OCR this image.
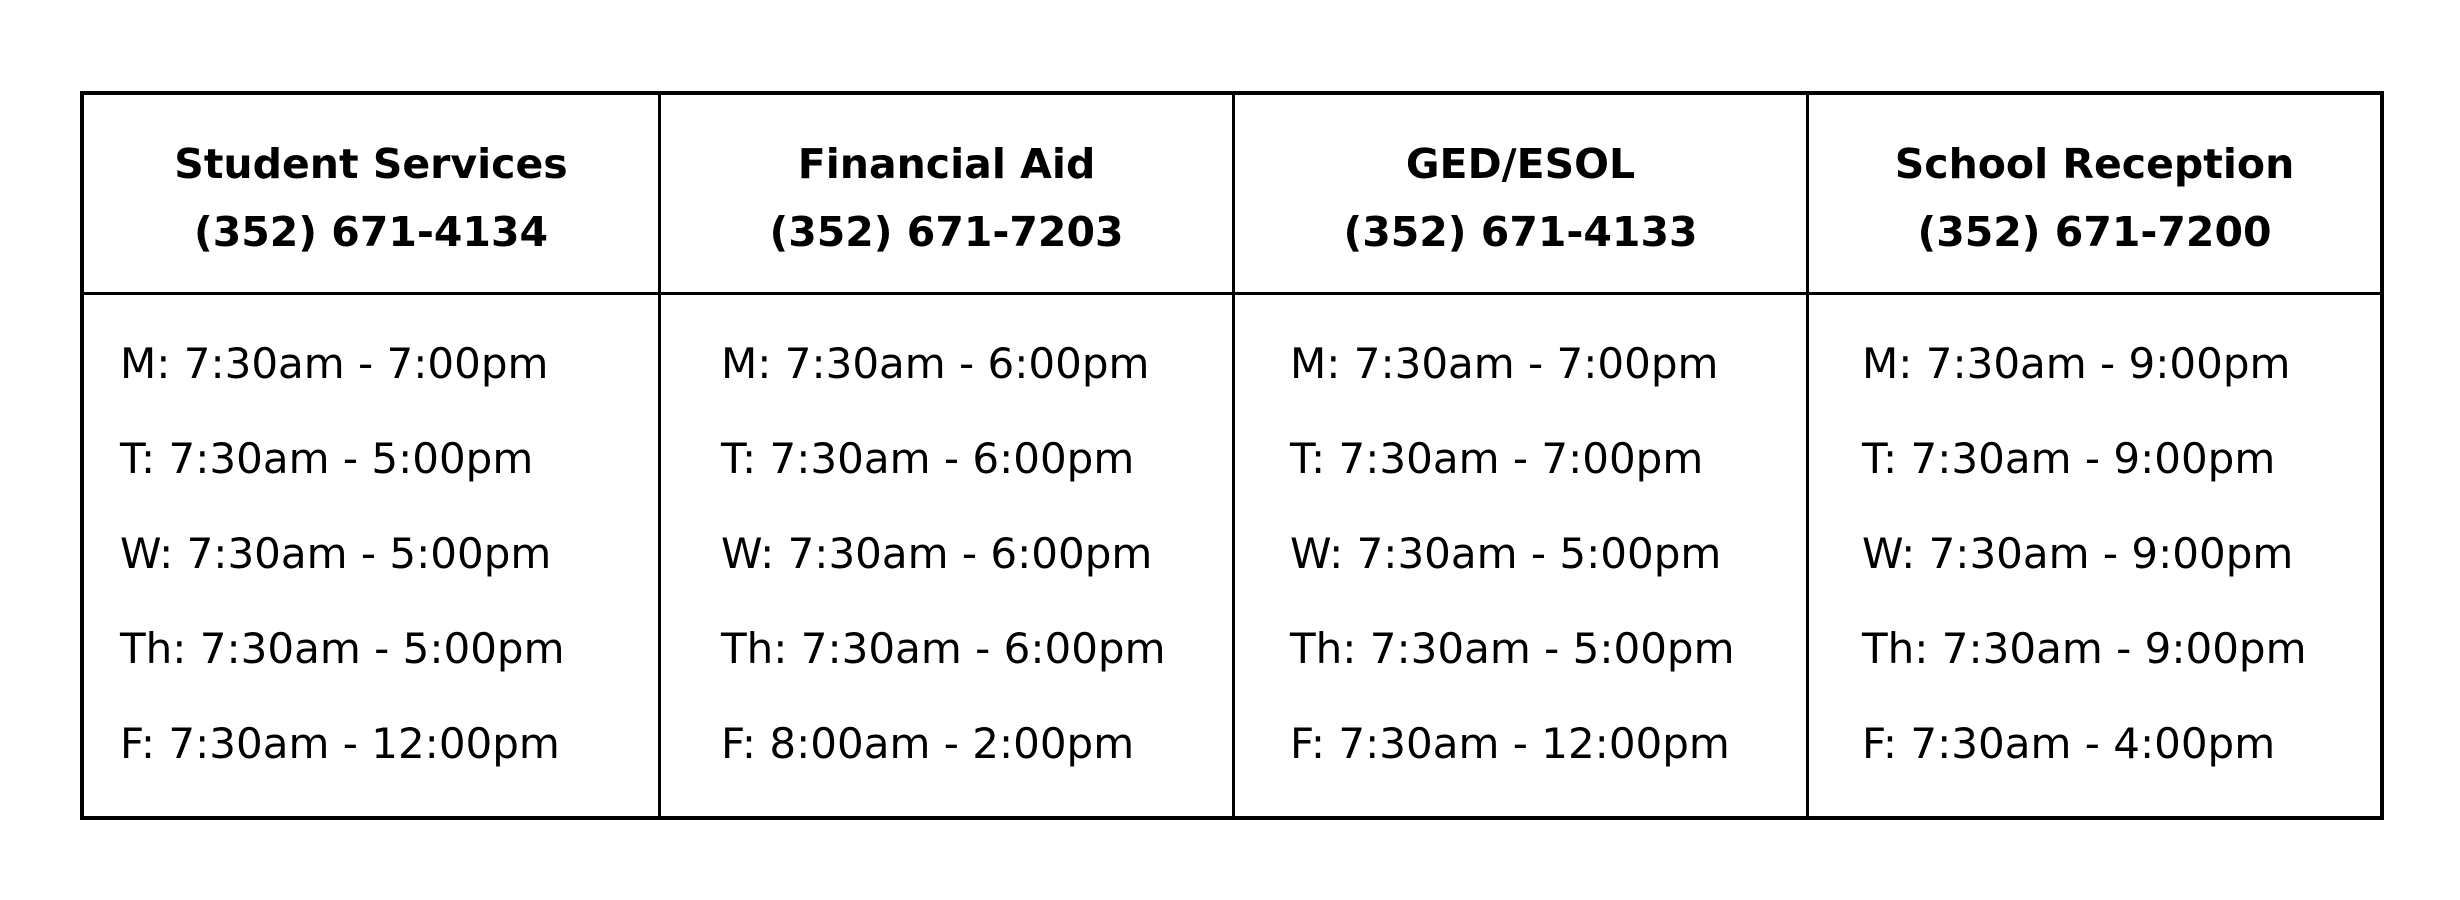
Student Services
(352) 671-4134
M: 7:30am - 7:00pm
T: 7:30am - 5:00pm
W: 7:30am - 5:00pm
Th: 7:30am - 5:00pm
F: 7:30am - 12:00pm
Financial Aid
(352) 671-7203
M: 7:30am - 6:00pm
T: 7:30am - 6:00pm
W: 7:30am - 6:00pm
Th: 7:30am - 6:00pm
F: 8:00am - 2:00pm
GED/ESOL
(352) 671-4133
M: 7:30am - 7:00pm
T: 7:30am - 7:00pm
W: 7:30am - 5:00pm
Th: 7:30am - 5:00pm
F: 7:30am - 12:00pm
School Reception
(352) 671-7200
M: 7:30am - 9:00pm
T: 7:30am - 9:00pm
W: 7:30am - 9:00pm
Th: 7:30am - 9:00pm
F: 7:30am - 4:00pm
